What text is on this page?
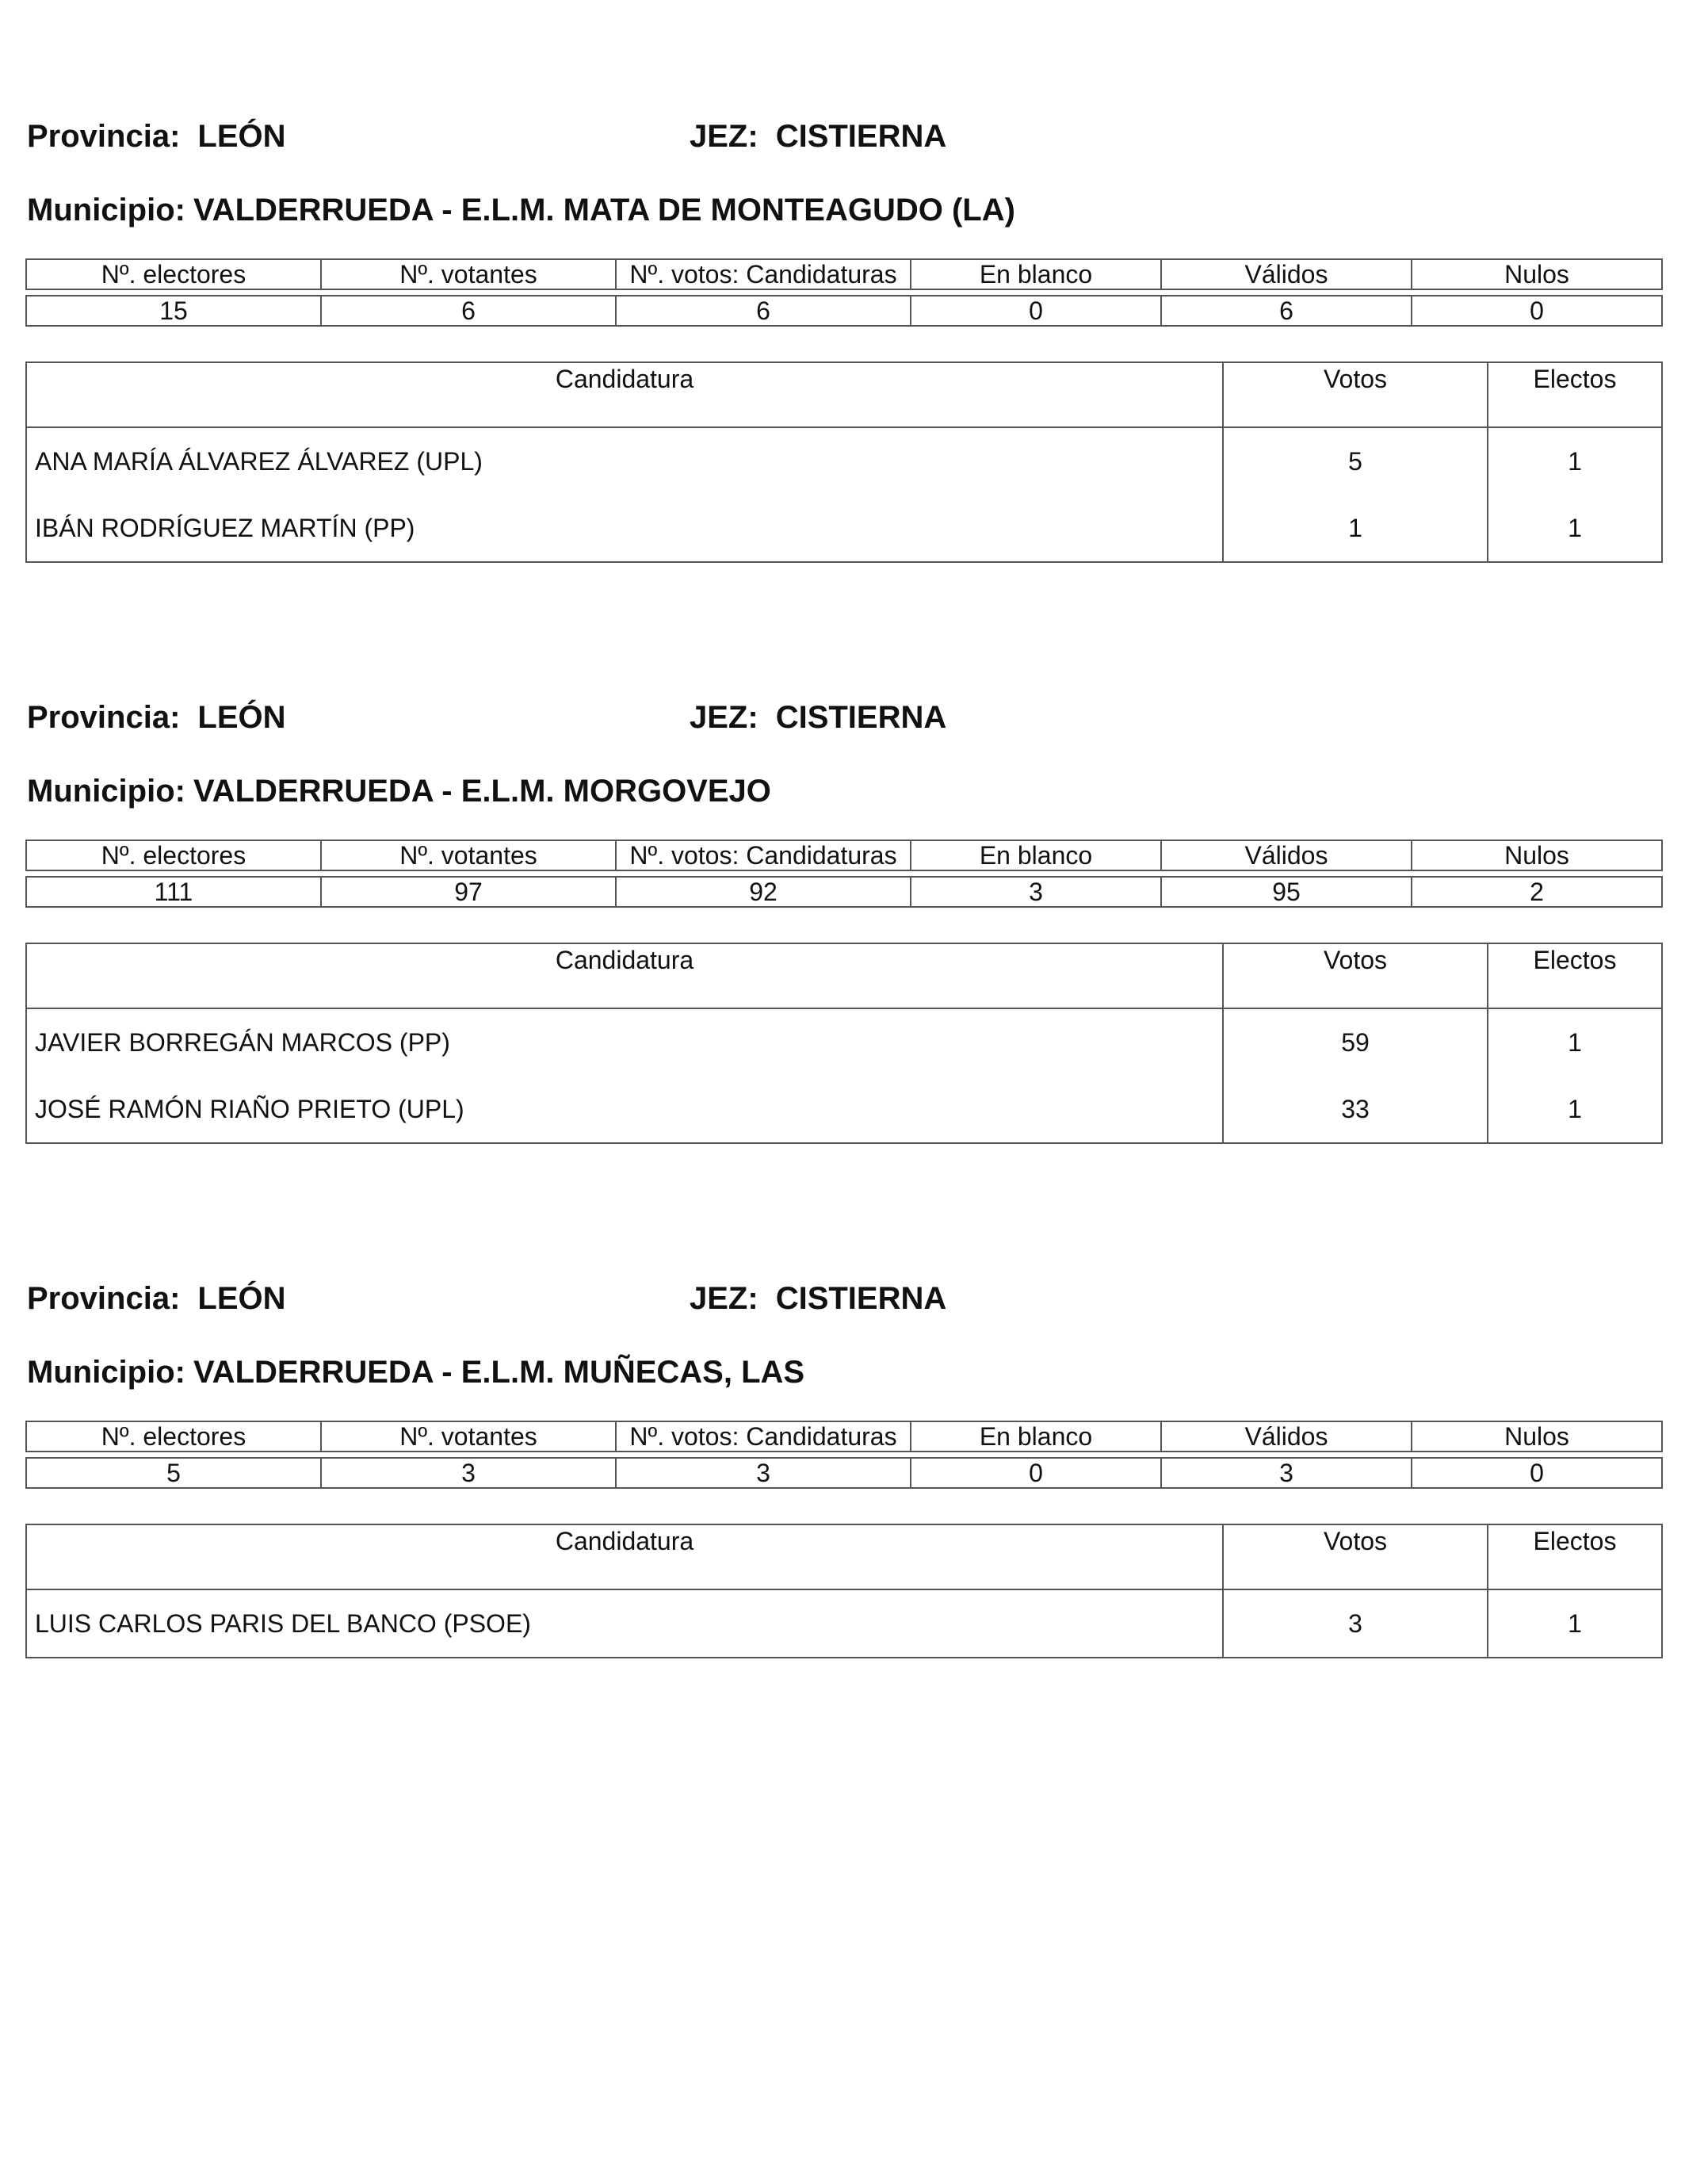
Provincia: LEÓN	JEZ: CISTIERNA
Municipio: VALDERRUEDA - E.L.M. MATA DE MONTEAGUDO (LA)
Nº. electores	Nº. votantes	Nº. votos: Candidaturas	En blanco	Válidos	Nulos

15	6	6	0	6	0
Candidatura	Votos	Electos
ANA MARÍA ÁLVAREZ ÁLVAREZ (UPL)	5	1
IBÁN RODRÍGUEZ MARTÍN (PP)	1	1
Provincia: LEÓN	JEZ: CISTIERNA
Municipio: VALDERRUEDA - E.L.M. MORGOVEJO
Nº. electores	Nº. votantes	Nº. votos: Candidaturas	En blanco	Válidos	Nulos

111	97	92	3	95	2
Candidatura	Votos	Electos
JAVIER BORREGÁN MARCOS (PP)	59	1
JOSÉ RAMÓN RIAÑO PRIETO (UPL)	33	1
Provincia: LEÓN	JEZ: CISTIERNA
Municipio: VALDERRUEDA - E.L.M. MUÑECAS, LAS
Nº. electores	Nº. votantes	Nº. votos: Candidaturas	En blanco	Válidos	Nulos

5	3	3	0	3	0
Candidatura	Votos	Electos
LUIS CARLOS PARIS DEL BANCO (PSOE)	3	1
